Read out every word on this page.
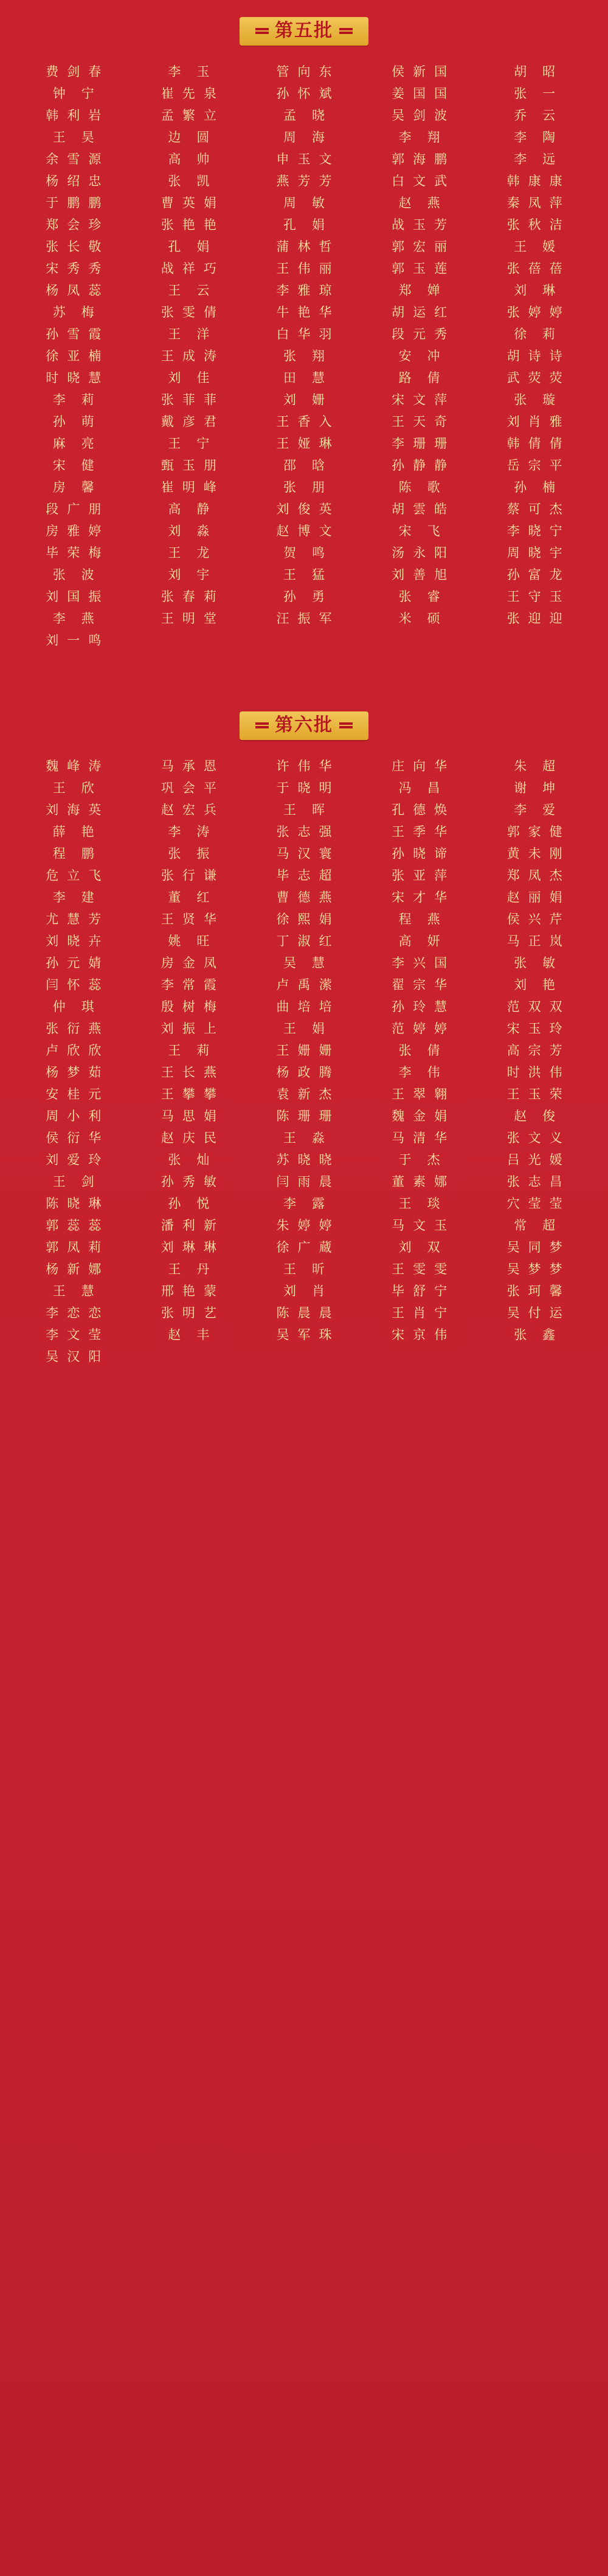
第五批
费剑春	李玉	管向东	侯新国	胡昭
钟宁	崔先泉	孙怀斌	姜国国	张一
韩利岩	孟繁立	孟晓	吴剑波	乔云
王昊	边圆	周海	李翔	李陶
余雪源	高帅	申玉文	郭海鹏	李远
杨绍忠	张凯	燕芳芳	白文武	韩康康
于鹏鹏	曹英娟	周敏	赵燕	秦凤萍
郑会珍	张艳艳	孔娟	战玉芳	张秋洁
张长敬	孔娟	蒲林哲	郭宏丽	王媛
宋秀秀	战祥巧	王伟丽	郭玉莲	张蓓蓓
杨凤蕊	王云	李雅琼	郑婵	刘琳
苏梅	张雯倩	牛艳华	胡运红	张婷婷
孙雪霞	王洋	白华羽	段元秀	徐莉
徐亚楠	王成涛	张翔	安冲	胡诗诗
时晓慧	刘佳	田慧	路倩	武荧荧
李莉	张菲菲	刘姗	宋文萍	张璇
孙萌	戴彦君	王香入	王天奇	刘肖雅
麻亮	王宁	王娅琳	李珊珊	韩倩倩
宋健	甄玉朋	邵晗	孙静静	岳宗平
房馨	崔明峰	张朋	陈歌	孙楠
段广朋	高静	刘俊英	胡雲皓	蔡可杰
房雅婷	刘淼	赵博文	宋飞	李晓宁
毕荣梅	王龙	贺鸣	汤永阳	周晓宇
张波	刘宇	王猛	刘善旭	孙富龙
刘国振	张春莉	孙勇	张睿	王守玉
李燕	王明堂	汪振军	米硕	张迎迎
刘一鸣

第六批
魏峰涛	马承恩	许伟华	庄向华	朱超
王欣	巩会平	于晓明	冯昌	谢坤
刘海英	赵宏兵	王晖	孔德焕	李爱
薛艳	李涛	张志强	王季华	郭家健
程鹏	张振	马汉寰	孙晓谛	黄未刚
危立飞	张行谦	毕志超	张亚萍	郑凤杰
李建	董红	曹德燕	宋才华	赵丽娟
尤慧芳	王贤华	徐熙娟	程燕	侯兴芹
刘晓卉	姚旺	丁淑红	高妍	马正岚
孙元婧	房金凤	吴慧	李兴国	张敏
闫怀蕊	李常霞	卢禹潆	翟宗华	刘艳
仲琪	殷树梅	曲培培	孙玲慧	范双双
张衍燕	刘振上	王娟	范婷婷	宋玉玲
卢欣欣	王莉	王姗姗	张倩	高宗芳
杨梦茹	王长燕	杨政腾	李伟	时洪伟
安桂元	王攀攀	袁新杰	王翠翱	王玉荣
周小利	马思娟	陈珊珊	魏金娟	赵俊
侯衍华	赵庆民	王淼	马清华	张文义
刘爱玲	张灿	苏晓晓	于杰	吕光媛
王剑	孙秀敏	闫雨晨	董素娜	张志昌
陈晓琳	孙悦	李露	王琰	穴莹莹
郭蕊蕊	潘利新	朱婷婷	马文玉	常超
郭凤莉	刘琳琳	徐广蔵	刘双	吴同梦
杨新娜	王丹	王昕	王雯雯	吴梦梦
王慧	邢艳蒙	刘肖	毕舒宁	张珂馨
李恋恋	张明艺	陈晨晨	王肖宁	吴付运
李文莹	赵丰	吴军珠	宋京伟	张鑫
吴汉阳
